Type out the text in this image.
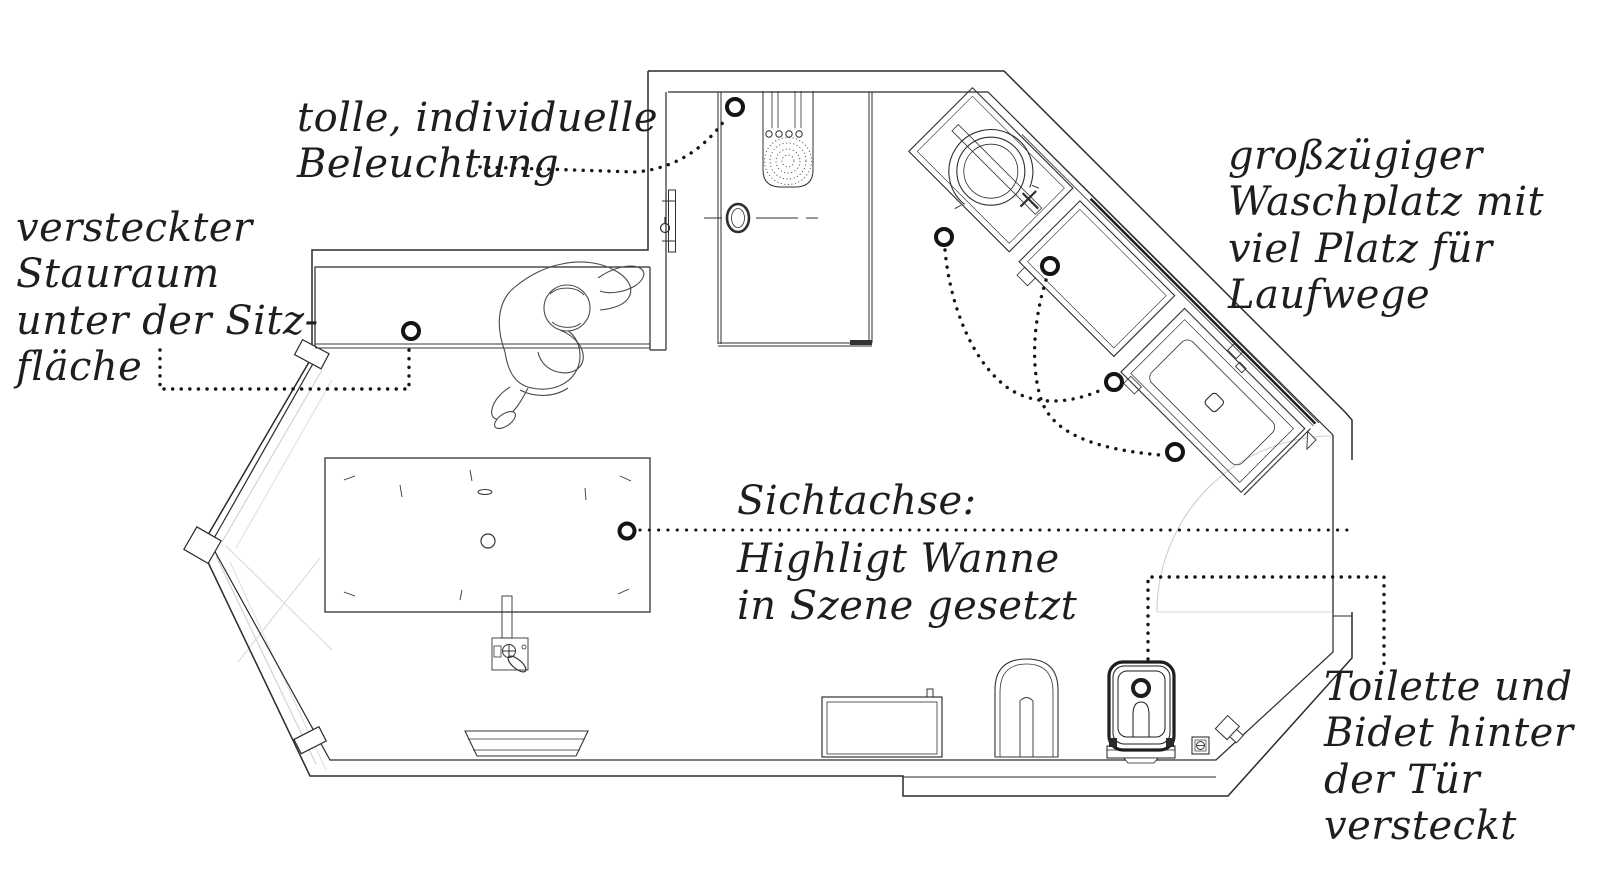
tolle, individuelle
Beleuchtung
versteckter
Stauraum
unter der Sitz-
fläche
großzügiger
Waschplatz mit
viel Platz für
Laufwege
Sichtachse:
Highligt Wanne
in Szene gesetzt
Toilette und
Bidet hinter
der Tür
versteckt
